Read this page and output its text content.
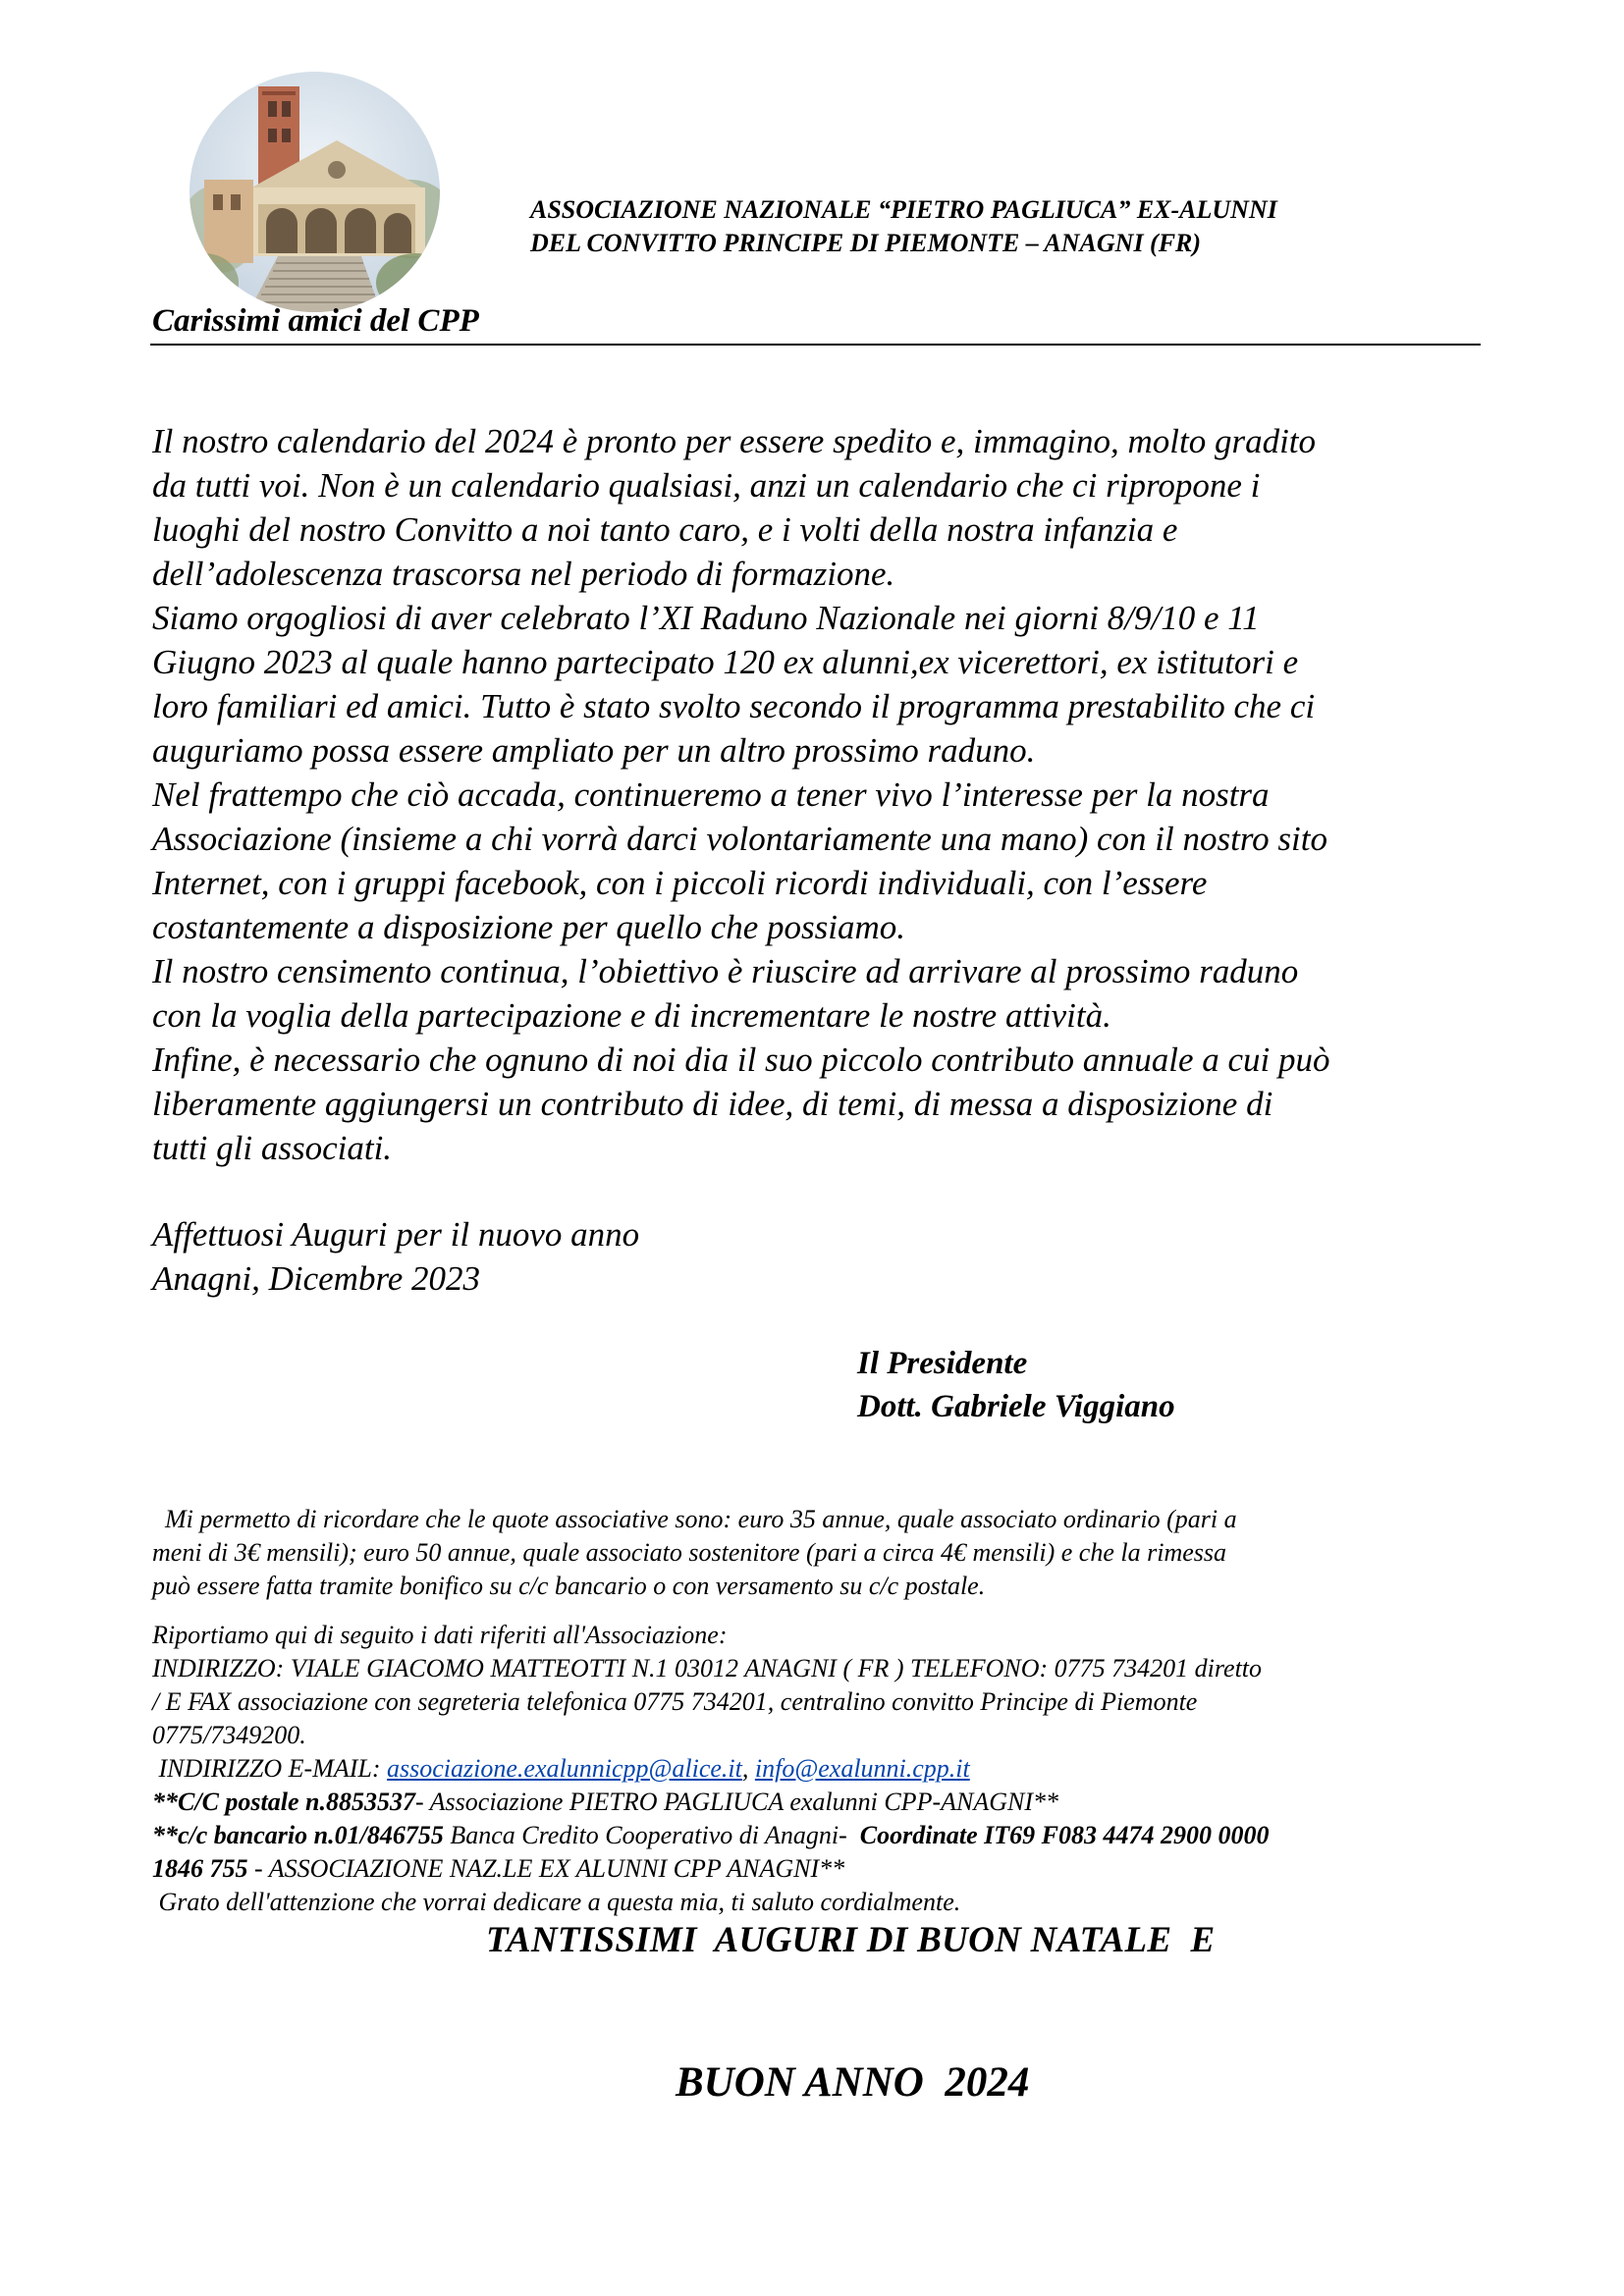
ASSOCIAZIONE NAZIONALE “PIETRO PAGLIUCA” EX-ALUNNI
DEL CONVITTO PRINCIPE DI PIEMONTE – ANAGNI (FR)
Carissimi amici del CPP
Il nostro calendario del 2024 è pronto per essere spedito e, immagino, molto gradito
da tutti voi. Non è un calendario qualsiasi, anzi un calendario che ci ripropone i
luoghi del nostro Convitto a noi tanto caro, e i volti della nostra infanzia e
dell’adolescenza trascorsa nel periodo di formazione.
Siamo orgogliosi di aver celebrato l’XI Raduno Nazionale nei giorni 8/9/10 e 11
Giugno 2023 al quale hanno partecipato 120 ex alunni,ex vicerettori, ex istitutori e
loro familiari ed amici. Tutto è stato svolto secondo il programma prestabilito che ci
auguriamo possa essere ampliato per un altro prossimo raduno.
Nel frattempo che ciò accada, continueremo a tener vivo l’interesse per la nostra
Associazione (insieme a chi vorrà darci volontariamente una mano) con il nostro sito
Internet, con i gruppi facebook, con i piccoli ricordi individuali, con l’essere
costantemente a disposizione per quello che possiamo.
Il nostro censimento continua, l’obiettivo è riuscire ad arrivare al prossimo raduno
con la voglia della partecipazione e di incrementare le nostre attività.
Infine, è necessario che ognuno di noi dia il suo piccolo contributo annuale a cui può
liberamente aggiungersi un contributo di idee, di temi, di messa a disposizione di
tutti gli associati.
Affettuosi Auguri per il nuovo anno
Anagni, Dicembre 2023
Il Presidente
Dott. Gabriele Viggiano
Mi permetto di ricordare che le quote associative sono: euro 35 annue, quale associato ordinario (pari a
meni di 3€ mensili); euro 50 annue, quale associato sostenitore (pari a circa 4€ mensili) e che la rimessa
può essere fatta tramite bonifico su c/c bancario o con versamento su c/c postale.
Riportiamo qui di seguito i dati riferiti all'Associazione:
INDIRIZZO: VIALE GIACOMO MATTEOTTI N.1 03012 ANAGNI ( FR ) TELEFONO: 0775 734201 diretto
/ E FAX associazione con segreteria telefonica 0775 734201, centralino convitto Principe di Piemonte
0775/7349200.
INDIRIZZO E-MAIL: associazione.exalunnicpp@alice.it, info@exalunni.cpp.it
**C/C postale n.8853537- Associazione PIETRO PAGLIUCA exalunni CPP-ANAGNI**
**c/c bancario n.01/846755 Banca Credito Cooperativo di Anagni-  Coordinate IT69 F083 4474 2900 0000
1846 755 - ASSOCIAZIONE NAZ.LE EX ALUNNI CPP ANAGNI**
Grato dell'attenzione che vorrai dedicare a questa mia, ti saluto cordialmente.
TANTISSIMI  AUGURI DI BUON NATALE  E
BUON ANNO  2024
